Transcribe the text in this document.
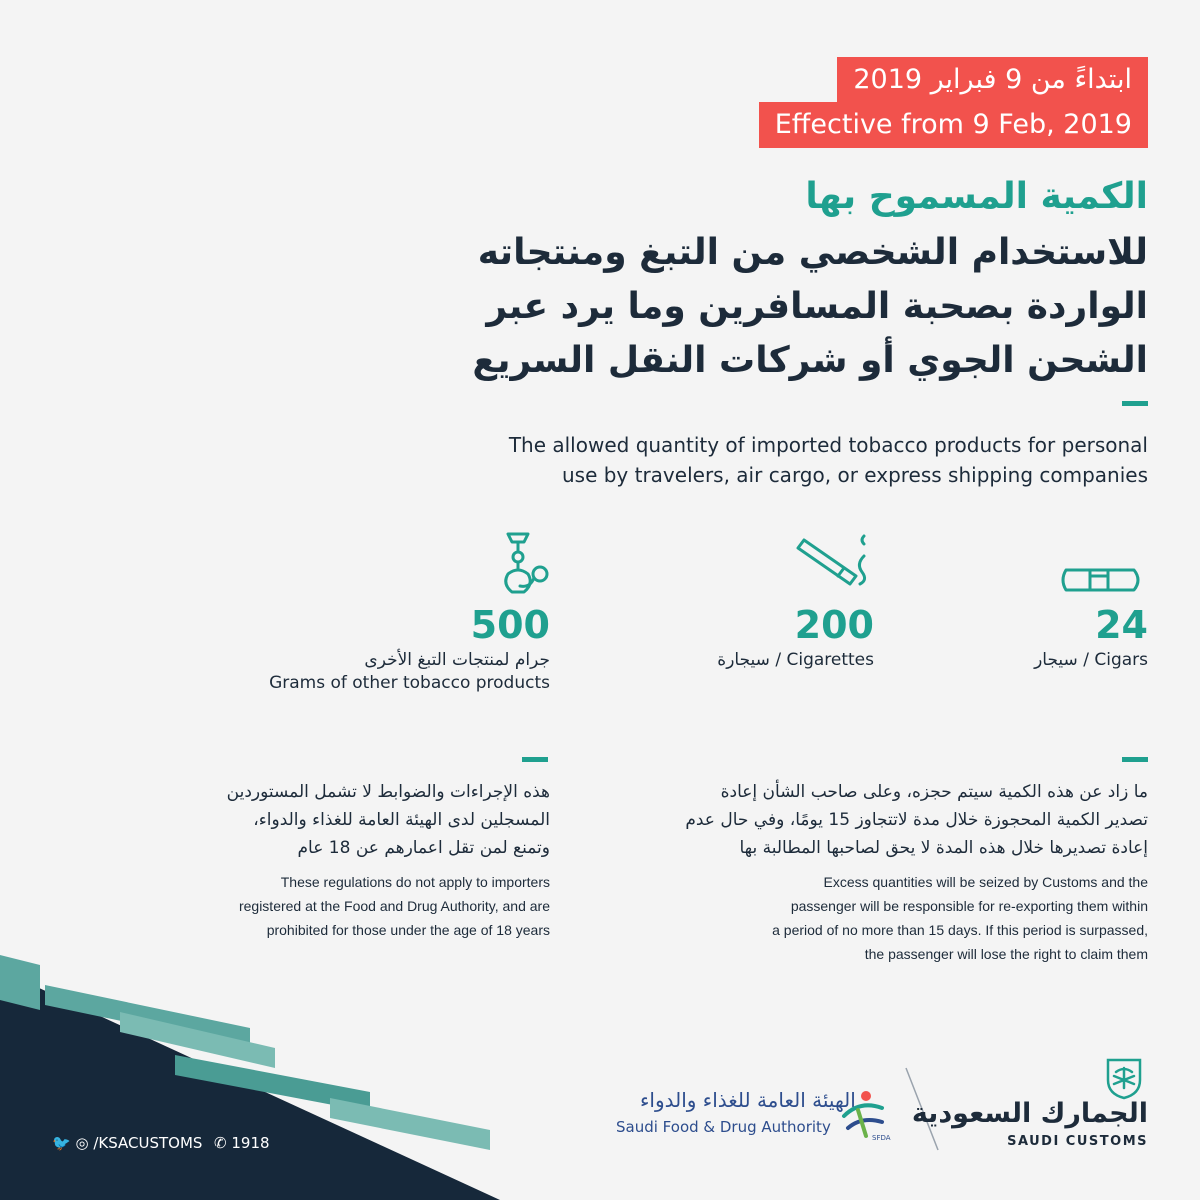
ابتداءً من 9 فبراير 2019
Effective from 9 Feb, 2019
الكمية المسموح بها
للاستخدام الشخصي من التبغ ومنتجاته
الواردة بصحبة المسافرين وما يرد عبر
الشحن الجوي أو شركات النقل السريع
The allowed quantity of imported tobacco products for personal
use by travelers, air cargo, or express shipping companies
500
جرام لمنتجات التبغ الأخرى
Grams of other tobacco products
200
سيجارة / Cigarettes
24
سيجار / Cigars
هذه الإجراءات والضوابط لا تشمل المستوردين
المسجلين لدى الهيئة العامة للغذاء والدواء،
وتمنع لمن تقل اعمارهم عن 18 عام
These regulations do not apply to importers
registered at the Food and Drug Authority, and are
prohibited for those under the age of 18 years
ما زاد عن هذه الكمية سيتم حجزه، وعلى صاحب الشأن إعادة
تصدير الكمية المحجوزة خلال مدة لاتتجاوز 15 يومًا، وفي حال عدم
إعادة تصديرها خلال هذه المدة لا يحق لصاحبها المطالبة بها
Excess quantities will be seized by Customs and the
passenger will be responsible for re-exporting them within
a period of no more than 15 days. If this period is surpassed,
the passenger will lose the right to claim them
🐦 ◎ /KSACUSTOMS ✆ 1918
الهيئة العامة للغذاء والدواء
Saudi Food & Drug Authority
SFDA
الجمارك السعودية
SAUDI CUSTOMS
